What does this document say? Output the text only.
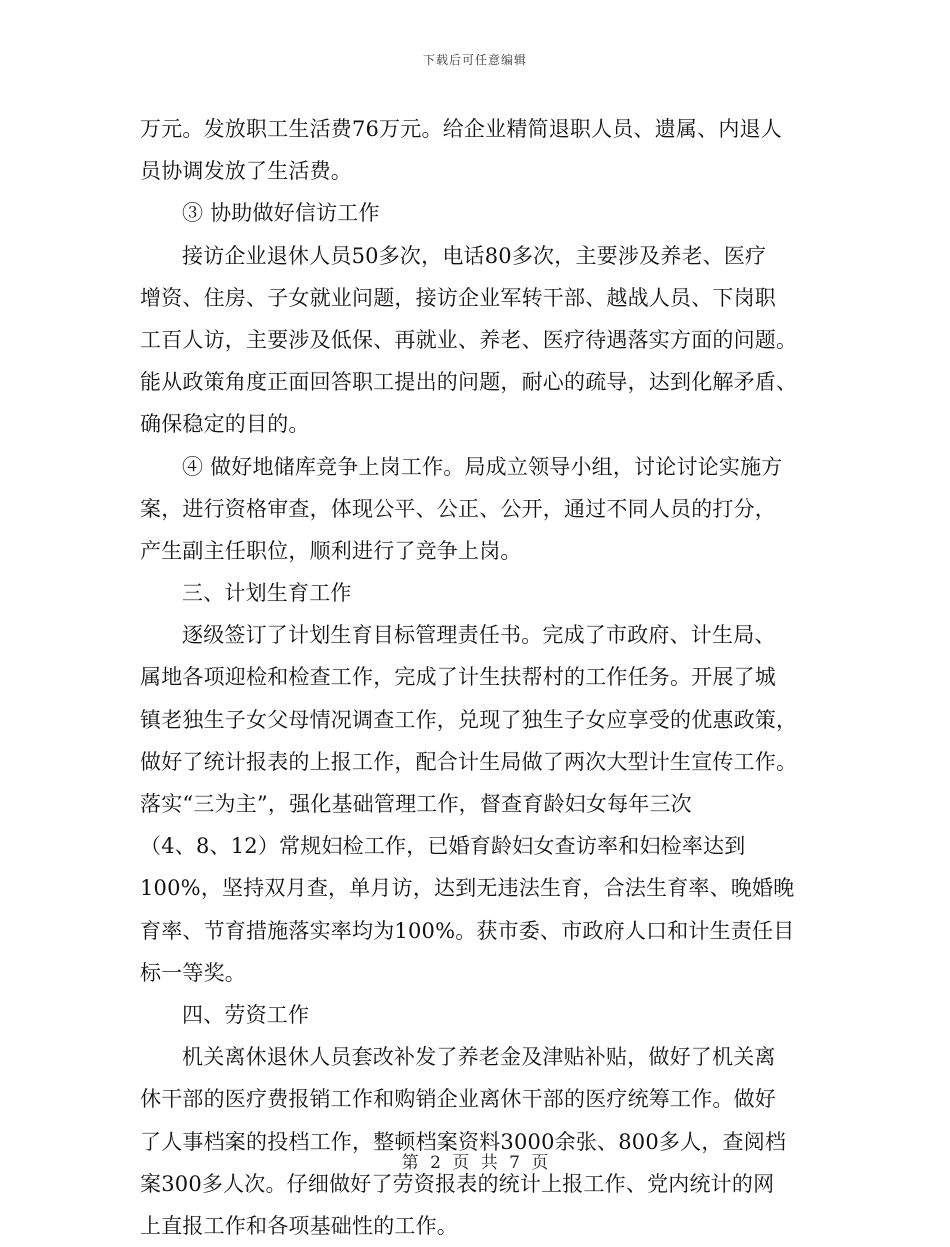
下载后可任意编辑
万元。发放职工生活费76万元。给企业精简退职人员、遗属、内退人
员协调发放了生活费。
③ 协助做好信访工作
接访企业退休人员50多次，电话80多次，主要涉及养老、医疗
增资、住房、子女就业问题，接访企业军转干部、越战人员、下岗职
工百人访，主要涉及低保、再就业、养老、医疗待遇落实方面的问题。
能从政策角度正面回答职工提出的问题，耐心的疏导，达到化解矛盾、
确保稳定的目的。
④ 做好地储库竞争上岗工作。局成立领导小组，讨论讨论实施方
案，进行资格审查，体现公平、公正、公开，通过不同人员的打分，
产生副主任职位，顺利进行了竞争上岗。
三、计划生育工作
逐级签订了计划生育目标管理责任书。完成了市政府、计生局、
属地各项迎检和检查工作，完成了计生扶帮村的工作任务。开展了城
镇老独生子女父母情况调查工作，兑现了独生子女应享受的优惠政策，
做好了统计报表的上报工作，配合计生局做了两次大型计生宣传工作。
落实“三为主”，强化基础管理工作，督查育龄妇女每年三次
（4、8、12）常规妇检工作，已婚育龄妇女查访率和妇检率达到
100%，坚持双月查，单月访，达到无违法生育，合法生育率、晚婚晚
育率、节育措施落实率均为100%。获市委、市政府人口和计生责任目
标一等奖。
四、劳资工作
机关离休退休人员套改补发了养老金及津贴补贴，做好了机关离
休干部的医疗费报销工作和购销企业离休干部的医疗统筹工作。做好
了人事档案的投档工作，整顿档案资料3000余张、800多人，查阅档
案300多人次。仔细做好了劳资报表的统计上报工作、党内统计的网
上直报工作和各项基础性的工作。
第 2 页 共 7 页
